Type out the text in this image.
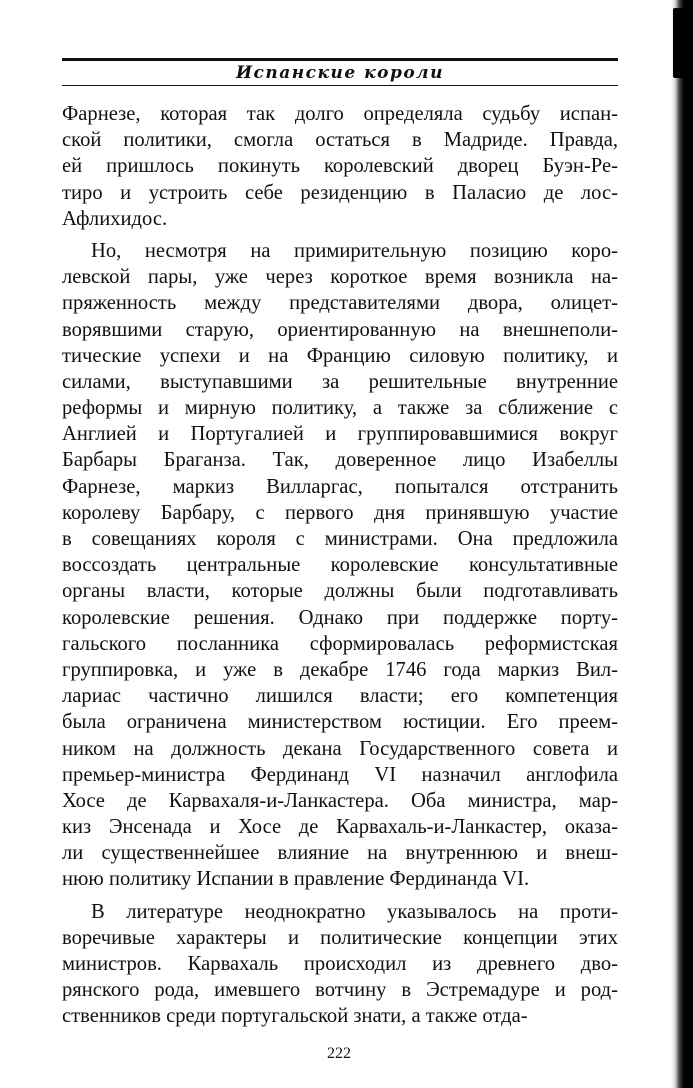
Испанские короли
Фарнезе, которая так долго определяла судьбу испан-
ской политики, смогла остаться в Мадриде. Правда,
ей пришлось покинуть королевский дворец Буэн-Ре-
тиро и устроить себе резиденцию в Паласио де лос-
Афлихидос.
Но, несмотря на примирительную позицию коро-
левской пары, уже через короткое время возникла на-
пряженность между представителями двора, олицет-
ворявшими старую, ориентированную на внешнеполи-
тические успехи и на Францию силовую политику, и
силами, выступавшими за решительные внутренние
реформы и мирную политику, а также за сближение с
Англией и Португалией и группировавшимися вокруг
Барбары Браганза. Так, доверенное лицо Изабеллы
Фарнезе, маркиз Вилларгас, попытался отстранить
королеву Барбару, с первого дня принявшую участие
в совещаниях короля с министрами. Она предложила
воссоздать центральные королевские консультативные
органы власти, которые должны были подготавливать
королевские решения. Однако при поддержке порту-
гальского посланника сформировалась реформистская
группировка, и уже в декабре 1746 года маркиз Вил-
лариас частично лишился власти; его компетенция
была ограничена министерством юстиции. Его преем-
ником на должность декана Государственного совета и
премьер-министра Фердинанд VI назначил англофила
Хосе де Карвахаля-и-Ланкастера. Оба министра, мар-
киз Энсенада и Хосе де Карвахаль-и-Ланкастер, оказа-
ли существеннейшее влияние на внутреннюю и внеш-
нюю политику Испании в правление Фердинанда VI.
В литературе неоднократно указывалось на проти-
воречивые характеры и политические концепции этих
министров. Карвахаль происходил из древнего дво-
рянского рода, имевшего вотчину в Эстремадуре и род-
ственников среди португальской знати, а также отда-
222
